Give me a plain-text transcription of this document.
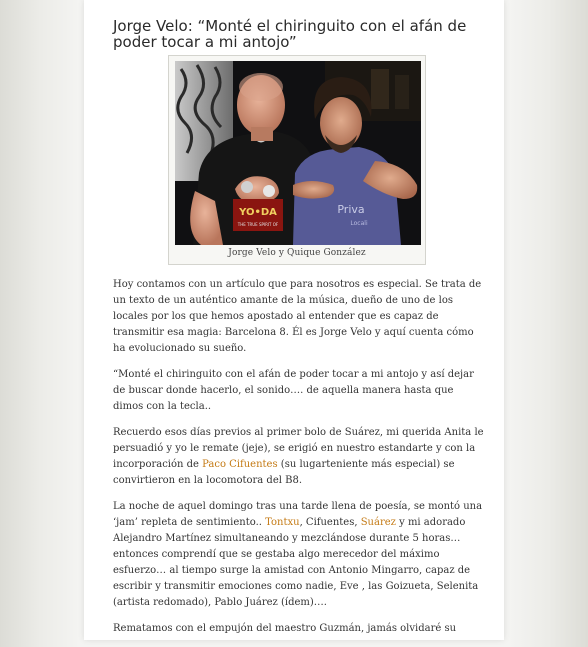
Jorge Velo: “Monté el chiringuito con el afán de poder tocar a mi antojo”
YO•DA
THE TRUE SPIRIT OF
Priva
Locali
Jorge Velo y Quique González

Hoy contamos con un artículo que para nosotros es especial. Se trata de un texto de un auténtico amante de la música, dueño de uno de los locales por los que hemos apostado al entender que es capaz de transmitir esa magia: Barcelona 8. Él es Jorge Velo y aquí cuenta cómo ha evolucionado su sueño.

“Monté el chiringuito con el afán de poder tocar a mi antojo y así dejar de buscar donde hacerlo, el sonido…. de aquella manera hasta que dimos con la tecla..

Recuerdo esos días previos al primer bolo de Suárez, mi querida Anita le persuadió y yo le remate (jeje), se erigió en nuestro estandarte y con la incorporación de Paco Cifuentes (su lugarteniente más especial) se convirtieron en la locomotora del B8.

La noche de aquel domingo tras una tarde llena de poesía, se montó una ‘jam’ repleta de sentimiento.. Tontxu, Cifuentes, Suárez y mi adorado Alejandro Martínez simultaneando y mezclándose durante 5 horas… entonces comprendí que se gestaba algo merecedor del máximo esfuerzo… al tiempo surge la amistad con Antonio Mingarro, capaz de escribir y transmitir emociones como nadie, Eve , las Goizueta, Selenita (artista redomado), Pablo Juárez (ídem)….

Rematamos con el empujón del maestro Guzmán, jamás olvidaré su
